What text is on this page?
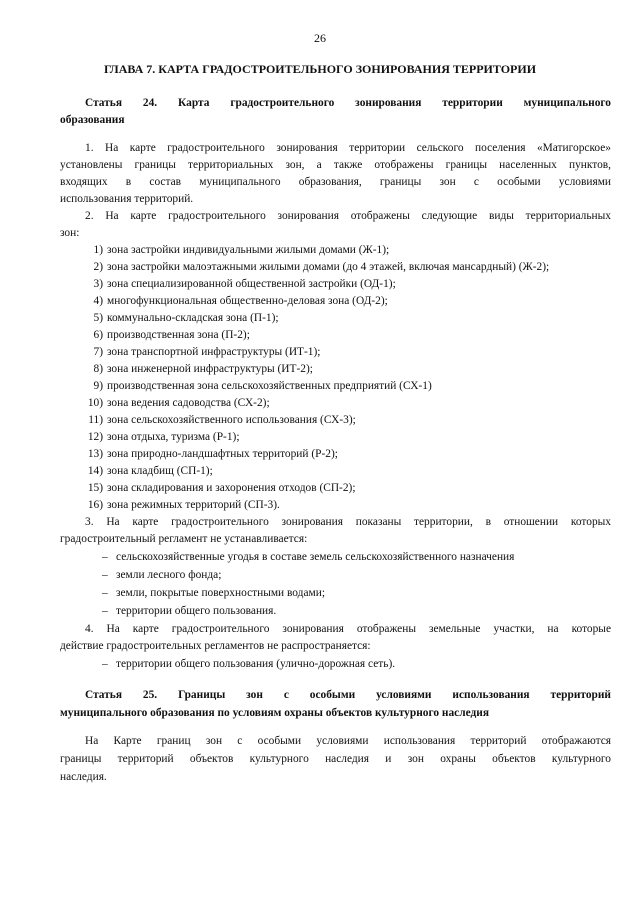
26
ГЛАВА 7. КАРТА ГРАДОСТРОИТЕЛЬНОГО ЗОНИРОВАНИЯ ТЕРРИТОРИИ
Статья 24. Карта градостроительного зонирования территории муниципального
образования
1. На карте градостроительного зонирования территории сельского поселения «Матигорское»
установлены границы территориальных зон, а также отображены границы населенных пунктов,
входящих в состав муниципального образования, границы зон с особыми условиями
использования территорий.
2. На карте градостроительного зонирования отображены следующие виды территориальных
зон:
1) зона застройки индивидуальными жилыми домами (Ж-1);
2) зона застройки малоэтажными жилыми домами (до 4 этажей, включая мансардный) (Ж-2);
3) зона специализированной общественной застройки (ОД-1);
4) многофункциональная общественно-деловая зона (ОД-2);
5) коммунально-складская зона (П-1);
6) производственная зона (П-2);
7) зона транспортной инфраструктуры (ИТ-1);
8) зона инженерной инфраструктуры (ИТ-2);
9) производственная зона сельскохозяйственных предприятий (СХ-1)
10) зона ведения садоводства (СХ-2);
11) зона сельскохозяйственного использования (СХ-3);
12) зона отдыха, туризма (Р-1);
13) зона природно-ландшафтных территорий (Р-2);
14) зона кладбищ (СП-1);
15) зона складирования и захоронения отходов (СП-2);
16) зона режимных территорий (СП-3).
3. На карте градостроительного зонирования показаны территории, в отношении которых
градостроительный регламент не устанавливается:
– сельскохозяйственные угодья в составе земель сельскохозяйственного назначения
– земли лесного фонда;
– земли, покрытые поверхностными водами;
– территории общего пользования.
4. На карте градостроительного зонирования отображены земельные участки, на которые
действие градостроительных регламентов не распространяется:
– территории общего пользования (улично-дорожная сеть).
Статья 25. Границы зон с особыми условиями использования территорий
муниципального образования по условиям охраны объектов культурного наследия
На Карте границ зон с особыми условиями использования территорий отображаются
границы территорий объектов культурного наследия и зон охраны объектов культурного
наследия.
